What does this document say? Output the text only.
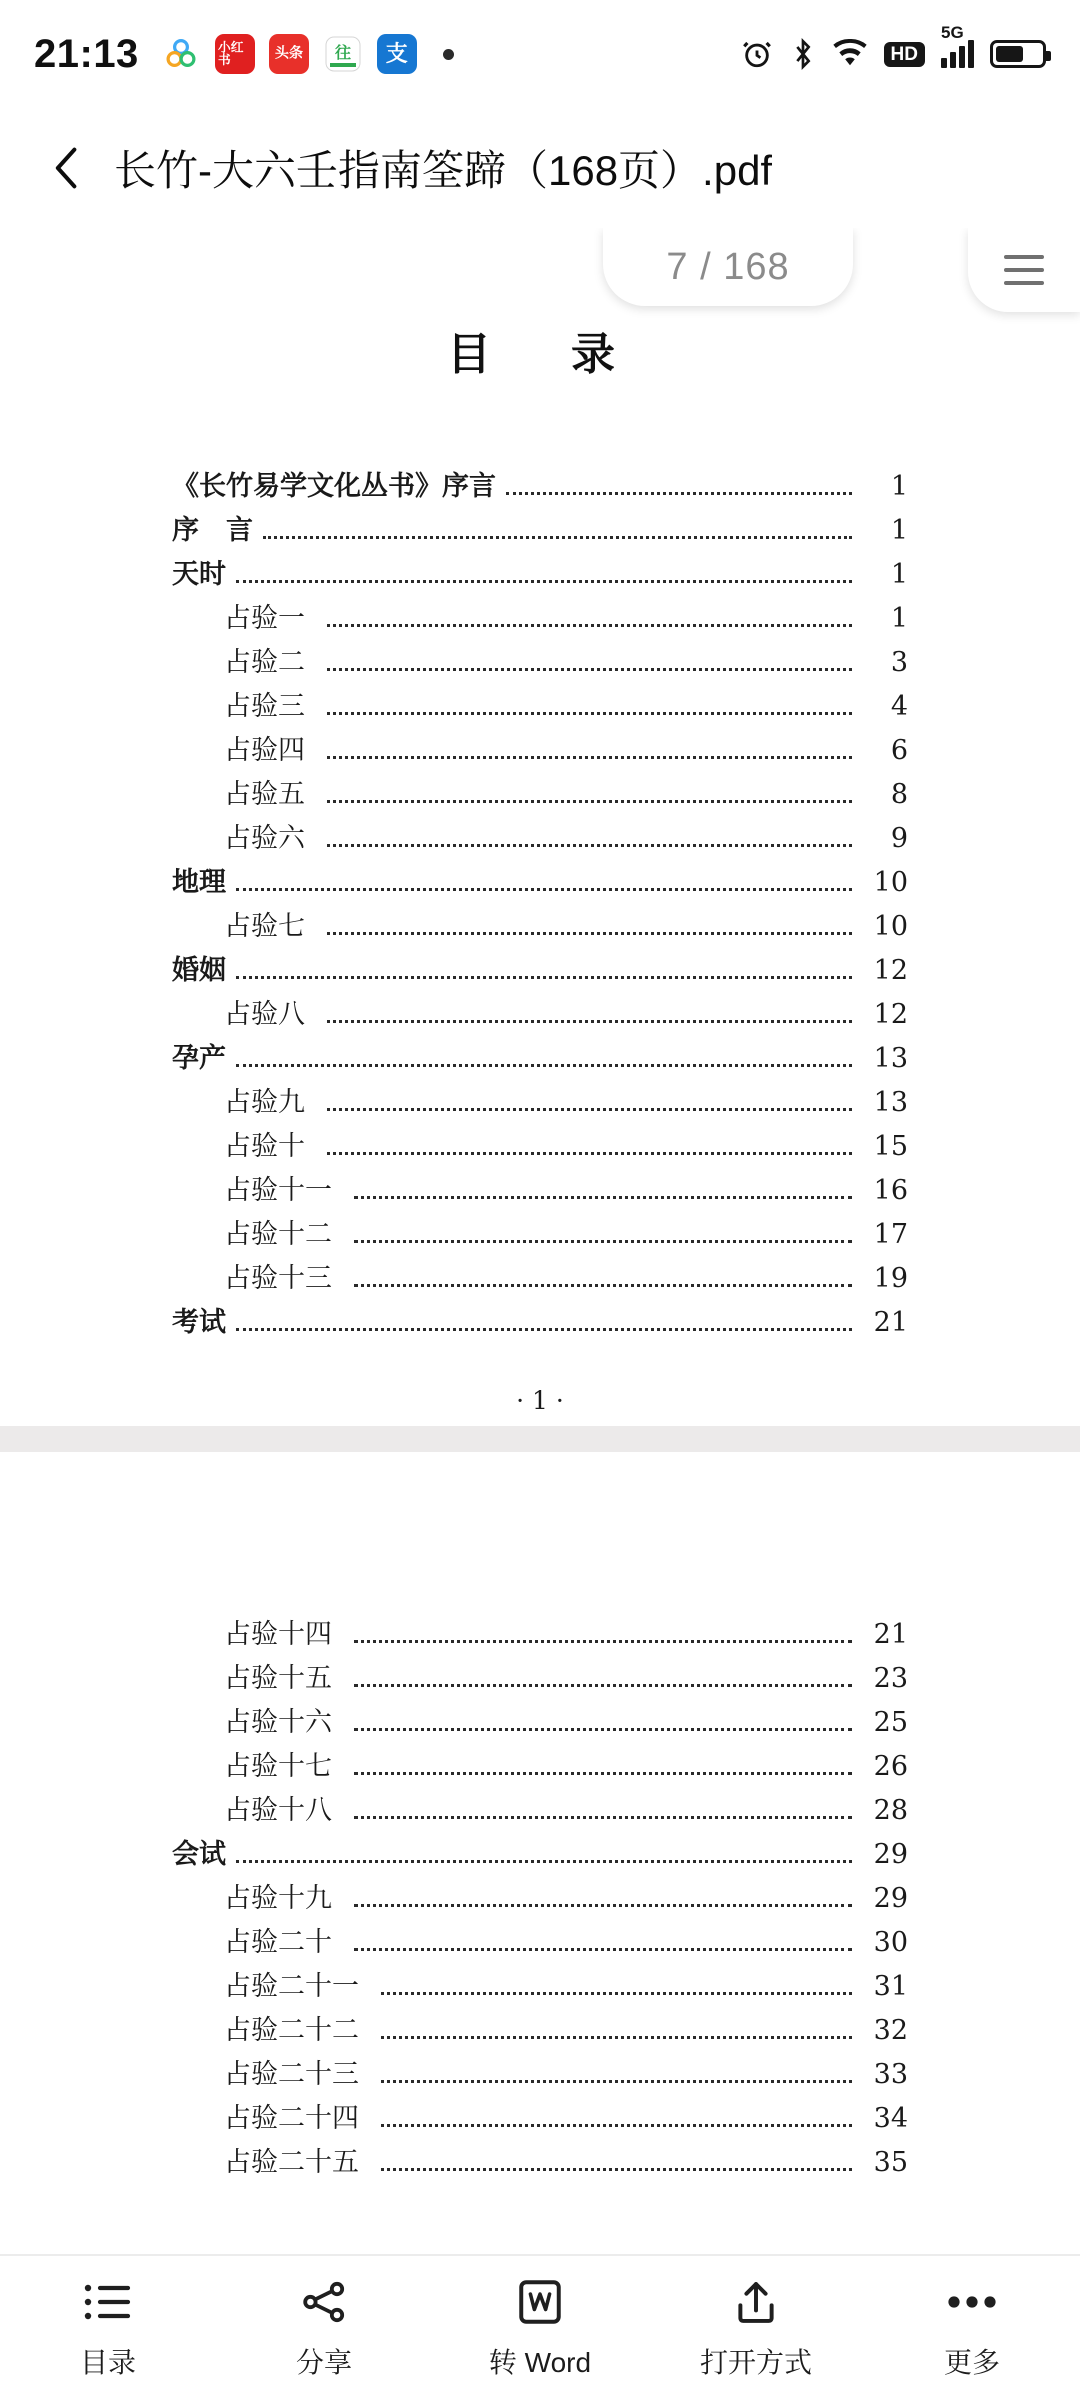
21:13	小红书	头条 往 支	HD
5G
长竹-大六壬指南筌蹄（168页）.pdf
目　录
《长竹易学文化丛书》序言	1
序　言	1
天时	1
占验一	1
占验二	3
占验三	4
占验四	6
占验五	8
占验六	9
地理	10
占验七	10
婚姻	12
占验八	12
孕产	13
占验九	13
占验十	15
占验十一	16
占验十二	17
占验十三	19
考试	21
· 1 ·
占验十四	21
占验十五	23
占验十六	25
占验十七	26
占验十八	28
会试	29
占验十九	29
占验二十	30
占验二十一	31
占验二十二	32
占验二十三	33
占验二十四	34
占验二十五	35
7 / 168
目录	分享	转 Word	打开方式	更多
